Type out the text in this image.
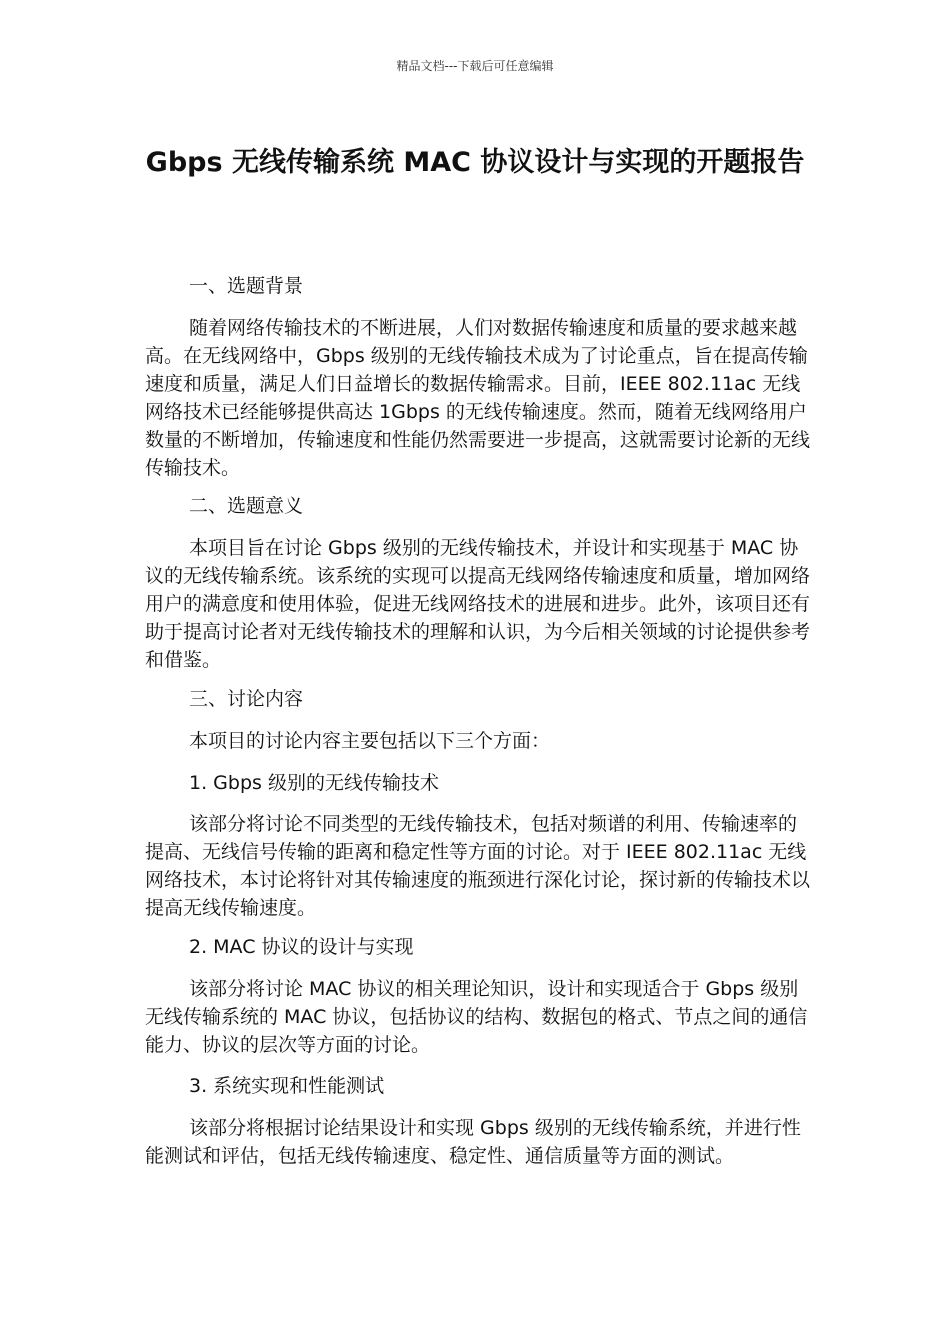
精品文档---下载后可任意编辑
Gbps 无线传输系统 MAC 协议设计与实现的开题报告

一、选题背景

随着网络传输技术的不断进展，人们对数据传输速度和质量的要求越来越高。在无线网络中，Gbps 级别的无线传输技术成为了讨论重点，旨在提高传输速度和质量，满足人们日益增长的数据传输需求。目前，IEEE 802.11ac 无线网络技术已经能够提供高达 1Gbps 的无线传输速度。然而，随着无线网络用户数量的不断增加，传输速度和性能仍然需要进一步提高，这就需要讨论新的无线传输技术。

二、选题意义

本项目旨在讨论 Gbps 级别的无线传输技术，并设计和实现基于 MAC 协议的无线传输系统。该系统的实现可以提高无线网络传输速度和质量，增加网络用户的满意度和使用体验，促进无线网络技术的进展和进步。此外，该项目还有助于提高讨论者对无线传输技术的理解和认识，为今后相关领域的讨论提供参考和借鉴。

三、讨论内容

本项目的讨论内容主要包括以下三个方面：

1. Gbps 级别的无线传输技术

该部分将讨论不同类型的无线传输技术，包括对频谱的利用、传输速率的提高、无线信号传输的距离和稳定性等方面的讨论。对于 IEEE 802.11ac 无线网络技术，本讨论将针对其传输速度的瓶颈进行深化讨论，探讨新的传输技术以提高无线传输速度。

2. MAC 协议的设计与实现

该部分将讨论 MAC 协议的相关理论知识，设计和实现适合于 Gbps 级别无线传输系统的 MAC 协议，包括协议的结构、数据包的格式、节点之间的通信能力、协议的层次等方面的讨论。

3. 系统实现和性能测试

该部分将根据讨论结果设计和实现 Gbps 级别的无线传输系统，并进行性能测试和评估，包括无线传输速度、稳定性、通信质量等方面的测试。
